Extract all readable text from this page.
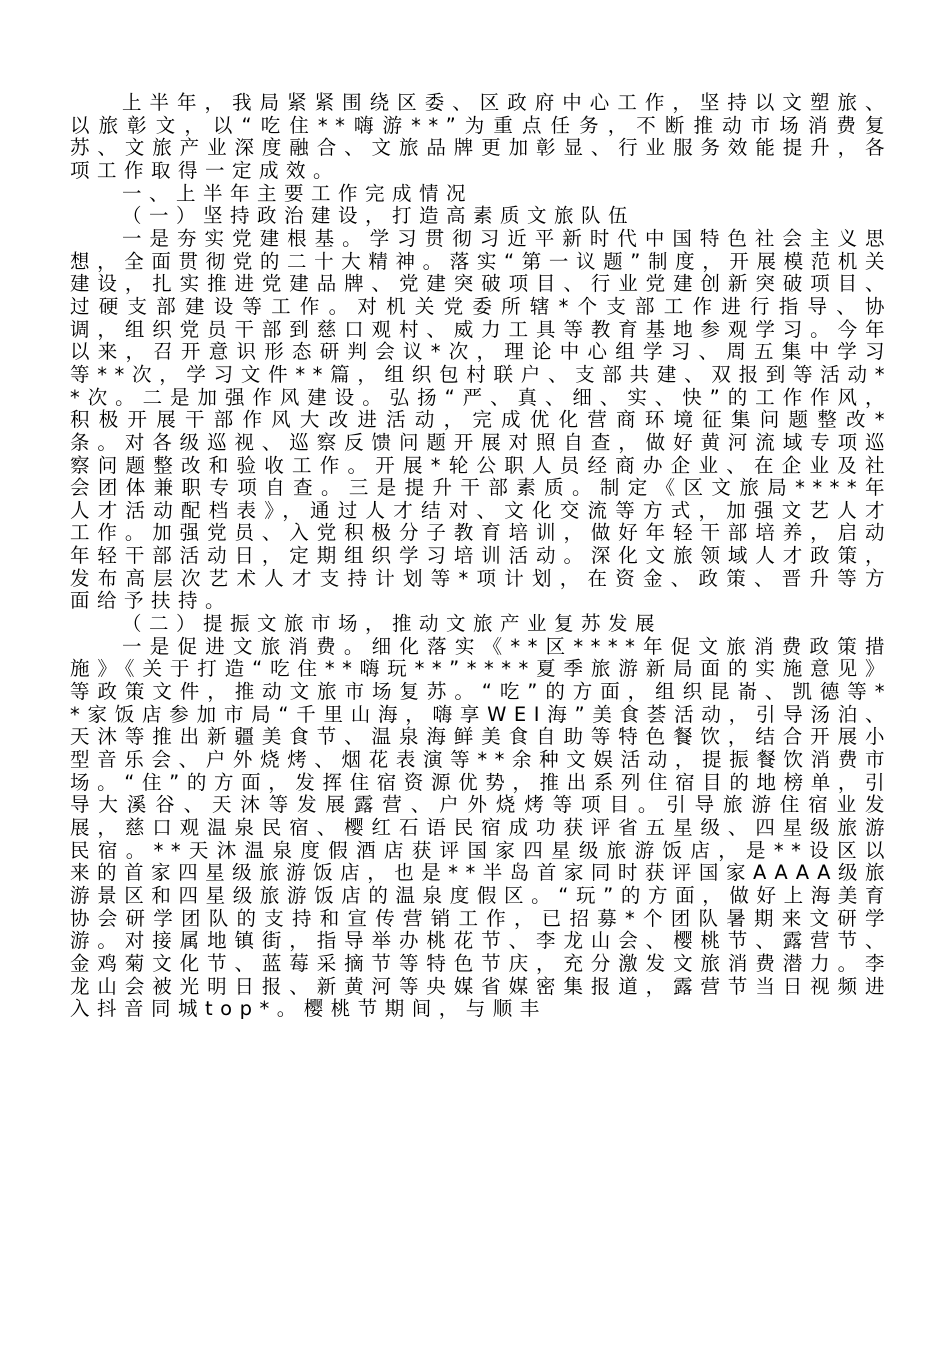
上半年，我局紧紧围绕区委、区政府中心工作，坚持以文塑旅、以旅彰文，以“吃住**嗨游**”为重点任务，不断推动市场消费复苏、文旅产业深度融合、文旅品牌更加彰显、行业服务效能提升，各项工作取得一定成效。

一、上半年主要工作完成情况

（一）坚持政治建设，打造高素质文旅队伍

一是夯实党建根基。学习贯彻习近平新时代中国特色社会主义思想，全面贯彻党的二十大精神。落实“第一议题”制度，开展模范机关建设，扎实推进党建品牌、党建突破项目、行业党建创新突破项目、过硬支部建设等工作。对机关党委所辖*个支部工作进行指导、协调，组织党员干部到慈口观村、威力工具等教育基地参观学习。今年以来，召开意识形态研判会议*次，理论中心组学习、周五集中学习等**次，学习文件**篇，组织包村联户、支部共建、双报到等活动**次。二是加强作风建设。弘扬“严、真、细、实、快”的工作作风，积极开展干部作风大改进活动，完成优化营商环境征集问题整改*条。对各级巡视、巡察反馈问题开展对照自查，做好黄河流域专项巡察问题整改和验收工作。开展*轮公职人员经商办企业、在企业及社会团体兼职专项自查。三是提升干部素质。制定《区文旅局****年人才活动配档表》，通过人才结对、文化交流等方式，加强文艺人才工作。加强党员、入党积极分子教育培训，做好年轻干部培养，启动年轻干部活动日，定期组织学习培训活动。深化文旅领域人才政策，发布高层次艺术人才支持计划等*项计划，在资金、政策、晋升等方面给予扶持。

（二）提振文旅市场，推动文旅产业复苏发展

一是促进文旅消费。细化落实《**区****年促文旅消费政策措施》《关于打造“吃住**嗨玩**”****夏季旅游新局面的实施意见》等政策文件，推动文旅市场复苏。“吃”的方面，组织昆嵛、凯德等**家饭店参加市局“千里山海，嗨享WEI海”美食荟活动，引导汤泊、天沐等推出新疆美食节、温泉海鲜美食自助等特色餐饮，结合开展小型音乐会、户外烧烤、烟花表演等**余种文娱活动，提振餐饮消费市场。“住”的方面，发挥住宿资源优势，推出系列住宿目的地榜单，引导大溪谷、天沐等发展露营、户外烧烤等项目。引导旅游住宿业发展，慈口观温泉民宿、樱红石语民宿成功获评省五星级、四星级旅游民宿。**天沐温泉度假酒店获评国家四星级旅游饭店，是**设区以来的首家四星级旅游饭店，也是**半岛首家同时获评国家AAAA级旅游景区和四星级旅游饭店的温泉度假区。“玩”的方面，做好上海美育协会研学团队的支持和宣传营销工作，已招募*个团队暑期来文研学游。对接属地镇街，指导举办桃花节、李龙山会、樱桃节、露营节、金鸡菊文化节、蓝莓采摘节等特色节庆，充分激发文旅消费潜力。李龙山会被光明日报、新黄河等央媒省媒密集报道，露营节当日视频进入抖音同城top*。樱桃节期间，与顺丰
